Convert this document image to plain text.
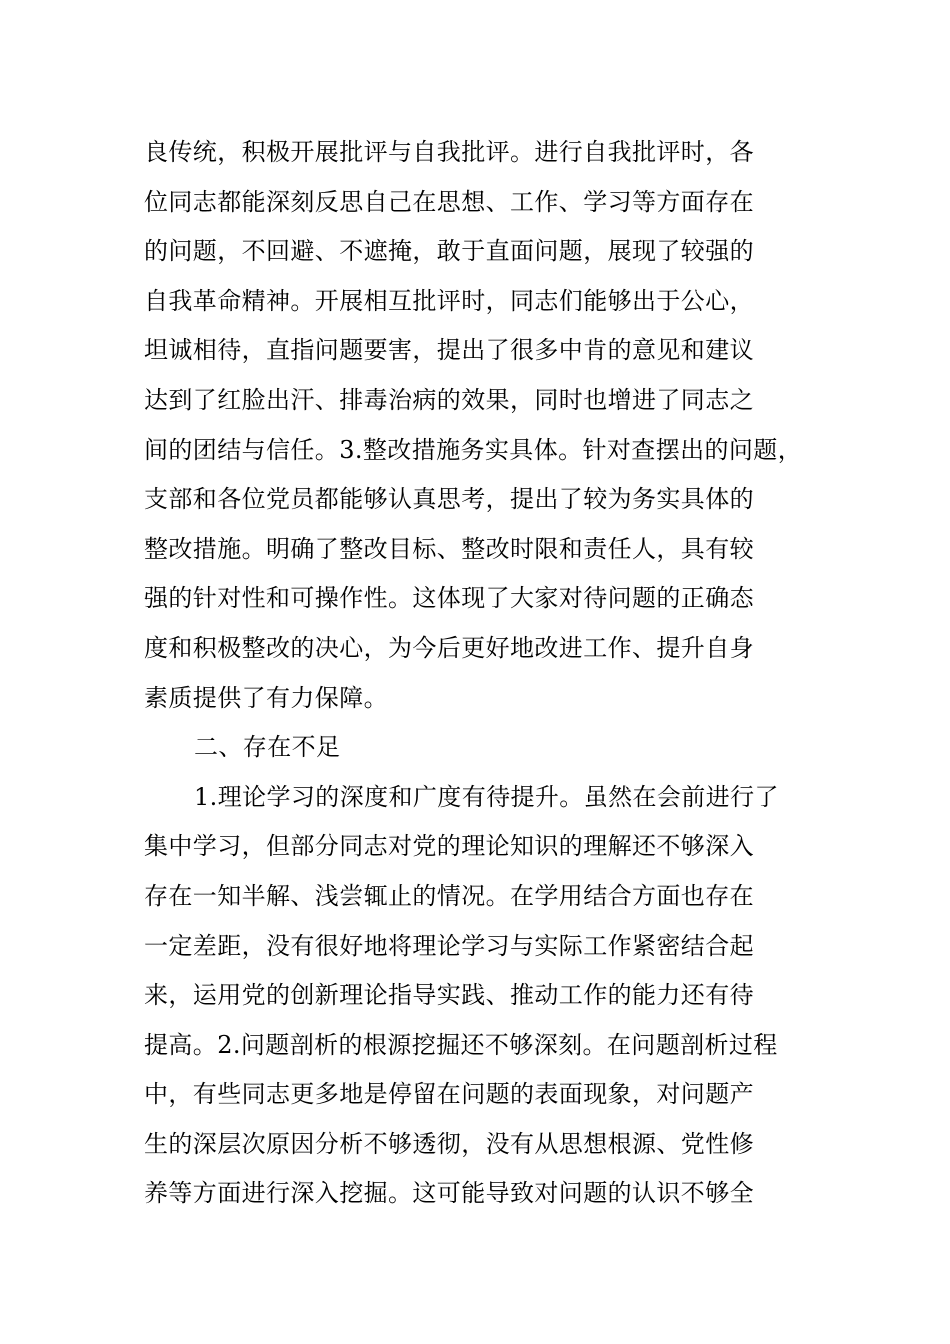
良传统，积极开展批评与自我批评。进行自我批评时，各
位同志都能深刻反思自己在思想、工作、学习等方面存在
的问题，不回避、不遮掩，敢于直面问题，展现了较强的
自我革命精神。开展相互批评时，同志们能够出于公心，
坦诚相待，直指问题要害，提出了很多中肯的意见和建议
达到了红脸出汗、排毒治病的效果，同时也增进了同志之
间的团结与信任。3.整改措施务实具体。针对查摆出的问题，
支部和各位党员都能够认真思考，提出了较为务实具体的
整改措施。明确了整改目标、整改时限和责任人，具有较
强的针对性和可操作性。这体现了大家对待问题的正确态
度和积极整改的决心，为今后更好地改进工作、提升自身
素质提供了有力保障。
二、存在不足
1.理论学习的深度和广度有待提升。虽然在会前进行了
集中学习，但部分同志对党的理论知识的理解还不够深入
存在一知半解、浅尝辄止的情况。在学用结合方面也存在
一定差距，没有很好地将理论学习与实际工作紧密结合起
来，运用党的创新理论指导实践、推动工作的能力还有待
提高。2.问题剖析的根源挖掘还不够深刻。在问题剖析过程
中，有些同志更多地是停留在问题的表面现象，对问题产
生的深层次原因分析不够透彻，没有从思想根源、党性修
养等方面进行深入挖掘。这可能导致对问题的认识不够全
